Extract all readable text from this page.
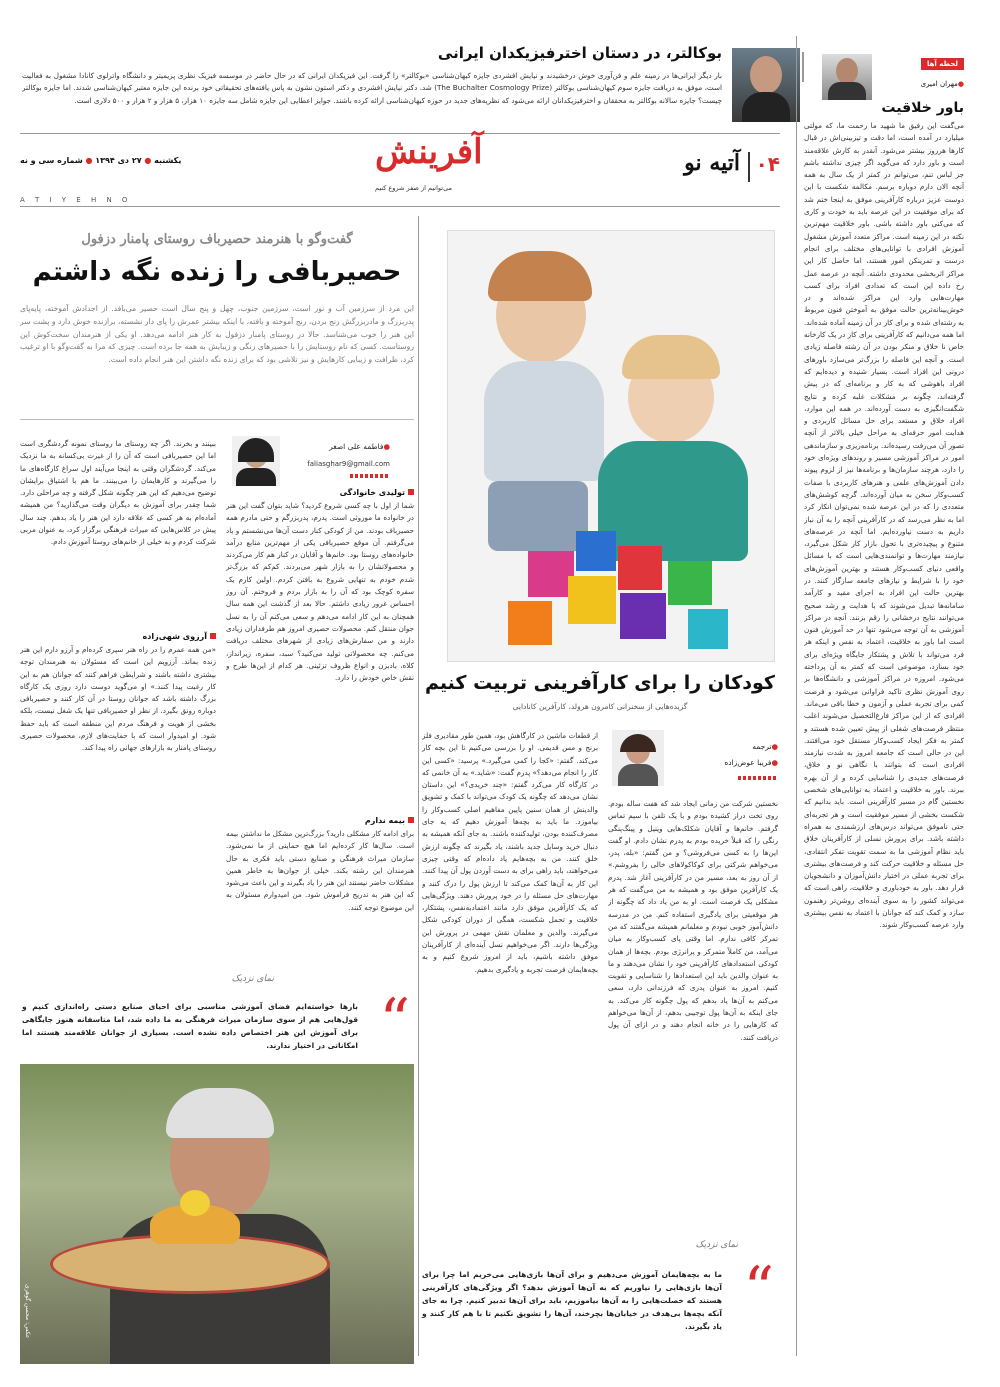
بوکالتر، در دستان اخترفیزیکدان ایرانی
بار دیگر ایرانی‌ها در زمینه علم و فن‌آوری خوش درخشیدند و نیایش افشردی جایزه کیهان‌شناسی «بوکالتر» را گرفت. این فیزیکدان ایرانی که در حال حاضر در موسسه فیزیک نظری پریمیتر و دانشگاه واترلوی کانادا مشغول به فعالیت است، موفق به دریافت جایزه سوم کیهان‌شناسی بوکالتر (The Buchalter Cosmology Prize) شد. دکتر نیایش افشردی و دکتر استون نشون به پاس یافته‌های تحقیقاتی خود برنده این جایزه معتبر کیهان‌شناسی شدند. اما جایزه بوکالتر چیست؟ جایزه سالانه بوکالتر به محققان و اخترفیزیکدانان ارائه می‌شود که نظریه‌های جدید در حوزه کیهان‌شناسی ارائه کرده باشند. جوایز اعطایی این جایزه شامل سه جایزه ۱۰ هزار، ۵ هزار و ۲ هزار و ۵۰۰ دلاری است.
لحظه آها
●مهران امیری
۰۴
آتیه نو
آفرینش
می‌توانیم از صفر شروع کنیم
یکشنبه ● ۲۷ دی ۱۳۹۴ ● شماره سی و نه
A T I Y E H N O
باور خلاقیت
می‌گفت این رفیق ما شهید ما رحمت ما، که مولتی میلیارد در آمده است، اما دقت و تیزبینی‌اش در قبال کارها هرروز بیشتر می‌شود. آنقدر به کارش علاقه‌مند است و باور دارد که می‌گوید اگر چیزی نداشته باشم جز لباس تنم، می‌توانم در کمتر از یک سال به همه آنچه الان دارم دوباره برسم. مکالمه شکست با این دوست عزیز درباره کارآفرینی موفق به اینجا ختم شد که برای موفقیت در این عرصه باید به خودت و کاری که می‌کنی باور داشته باشی. باور خلاقیت مهم‌ترین نکته در این زمینه است. مراکز متعدد آموزش مشغول آموزش افرادی با توانایی‌های مختلف برای انجام درست و تمرینکن امور هستند، اما حاصل کار این مراکز اثربخشی محدودی داشته. آنچه در عرصه عمل رخ داده این است که تعدادی افراد برای کسب مهارت‌هایی وارد این مراکز شده‌اند و در خوش‌بینانه‌ترین حالت موفق به آموختن فنون مربوط به رشته‌ای شده و برای کار در آن زمینه آماده شده‌اند. اما همه می‌دانیم که کارآفرینی برای کار در یک کارخانه خاص نا خلاق و منکر بودن در آن رشته فاصله زیادی است. و آنچه این فاصله را بزرگ‌تر می‌سازد باورهای درونی این افراد است. بسیار شنیده و دیده‌ایم که افراد باهوشی که به کار و برنامه‌ای که در پیش گرفته‌اند، چگونه بر مشکلات غلبه کرده و نتایج شگفت‌انگیزی به دست آورده‌اند. در همه این موارد، افراد خلاق و مستعد برای حل مسائل کاربردی و هدایت امور حرفه‌ای به مراحل خیلی بالاتر از آنچه تصور آن می‌رفت رسیده‌اند. برنامه‌ریزی و سازماندهی امور در مراکز آموزشی مسیر و روندهای ویژه‌ای خود را دارد، هرچند سازمان‌ها و برنامه‌ها نیز از لزوم پیوند دادن آموزش‌های علمی و هنرهای کاربردی با صفات کسب‌وکار سخن به میان آورده‌اند. گرچه کوشش‌های متعددی را که در این عرصه شده نمی‌توان انکار کرد اما به نظر می‌رسد که در کارآفرینی آنچه را به آن نیاز داریم به دست نیاورده‌ایم. اما آنچه در عرصه‌های متنوع و پیچیده‌تری با تحول بازار کار شکل می‌گیرد، نیازمند مهارت‌ها و توانمندی‌هایی است که با مسائل واقعی دنیای کسب‌وکار هستند و بهترین آموزش‌های خود را با شرایط و نیازهای جامعه سازگار کنند. در بهترین حالت این افراد به اجرای مفید و کارآمد سامانه‌ها تبدیل می‌شوند که با هدایت و رشد صحیح می‌توانند نتایج درخشانی را رقم بزنند. آنچه در مراکز آموزشی به آن توجه می‌شود تنها در حد آموزش فنون است اما باور به خلاقیت، اعتماد به نفس و اینکه هر فرد می‌تواند با تلاش و پشتکار جایگاه ویژه‌ای برای خود بسازد، موضوعی است که کمتر به آن پرداخته می‌شود. امروزه در مراکز آموزشی و دانشگاه‌ها بر روی آموزش نظری تاکید فراوانی می‌شود و فرصت کمی برای تجربه عملی و آزمون و خطا باقی می‌ماند. افرادی که از این مراکز فارغ‌التحصیل می‌شوند اغلب منتظر فرصت‌های شغلی از پیش تعیین شده هستند و کمتر به فکر ایجاد کسب‌وکار مستقل خود می‌افتند. این در حالی است که جامعه امروز به شدت نیازمند افرادی است که بتوانند با نگاهی نو و خلاق، فرصت‌های جدیدی را شناسایی کرده و از آن بهره ببرند. باور به خلاقیت و اعتماد به توانایی‌های شخصی نخستین گام در مسیر کارآفرینی است. باید بدانیم که شکست بخشی از مسیر موفقیت است و هر تجربه‌ای حتی ناموفق می‌تواند درس‌های ارزشمندی به همراه داشته باشد. برای پرورش نسلی از کارآفرینان خلاق باید نظام آموزشی ما به سمت تقویت تفکر انتقادی، حل مسئله و خلاقیت حرکت کند و فرصت‌های بیشتری برای تجربه عملی در اختیار دانش‌آموزان و دانشجویان قرار دهد. باور به خودباوری و خلاقیت، راهی است که می‌تواند کشور را به سوی آینده‌ای روشن‌تر رهنمون سازد و کمک کند که جوانان با اعتماد به نفس بیشتری وارد عرصه کسب‌وکار شوند.
کودکان را برای کارآفرینی تربیت کنیم
گزیده‌هایی از سخنرانی کامرون هرولد، کارآفرین کانادایی
●ترجمه
●فریبا عوض‌زاده
نخستین شرکت من زمانی ایجاد شد که هفت ساله بودم. روی تخت دراز کشیده بودم و با یک تلفن با سیم تماس گرفتم. خانم‌ها و آقایان شکلک‌هایی وینیل و پینگ‌پنگی رنگی را که قبلاً خریده بودم به پدرم نشان دادم. او گفت این‌ها را به کسی می‌فروشی؟ و من گفتم: «بله، پدر، می‌خواهم شرکتی برای کوکاکولاهای خالی را بفروشم.» از آن روز به بعد، مسیر من در کارآفرینی آغاز شد. پدرم یک کارآفرین موفق بود و همیشه به من می‌گفت که هر مشکلی یک فرصت است. او به من یاد داد که چگونه از هر موقعیتی برای یادگیری استفاده کنم. من در مدرسه دانش‌آموز خوبی نبودم و معلمانم همیشه می‌گفتند که من تمرکز کافی ندارم. اما وقتی پای کسب‌وکار به میان می‌آمد، من کاملاً متمرکز و پرانرژی بودم. بچه‌ها از همان کودکی استعدادهای کارآفرینی خود را نشان می‌دهند و ما به عنوان والدین باید این استعدادها را شناسایی و تقویت کنیم. امروز به عنوان پدری که فرزندانی دارد، سعی می‌کنم به آن‌ها یاد بدهم که پول چگونه کار می‌کند. به جای اینکه به آن‌ها پول توجیبی بدهم، از آن‌ها می‌خواهم که کارهایی را در خانه انجام دهند و در ازای آن پول دریافت کنند.
از قطعات ماشین در کارگاهش بود، همین طور مقادیری فلز برنج و مس قدیمی. او را بررسی می‌کنیم تا این بچه کار می‌کند. گفتم: «کجا را کمی می‌گیرد.» پرسید: «کسی این کار را انجام می‌دهد؟» پدرم گفت: «شاید.» به آن خانمی که در کارگاه کار می‌کرد گفتم: «چند خریدی؟» این داستان نشان می‌دهد که چگونه یک کودک می‌تواند با کمک و تشویق والدینش از همان سنین پایین مفاهیم اصلی کسب‌وکار را بیاموزد. ما باید به بچه‌ها آموزش دهیم که به جای مصرف‌کننده بودن، تولیدکننده باشند. به جای آنکه همیشه به دنبال خرید وسایل جدید باشند، یاد بگیرند که چگونه ارزش خلق کنند. من به بچه‌هایم یاد داده‌ام که وقتی چیزی می‌خواهند، باید راهی برای به دست آوردن پول آن پیدا کنند. این کار به آن‌ها کمک می‌کند تا ارزش پول را درک کنند و مهارت‌های حل مسئله را در خود پرورش دهند. ویژگی‌هایی که یک کارآفرین موفق دارد مانند اعتمادبه‌نفس، پشتکار، خلاقیت و تحمل شکست، همگی از دوران کودکی شکل می‌گیرند. والدین و معلمان نقش مهمی در پرورش این ویژگی‌ها دارند. اگر می‌خواهیم نسل آینده‌ای از کارآفرینان موفق داشته باشیم، باید از امروز شروع کنیم و به بچه‌هایمان فرصت تجربه و یادگیری بدهیم.
نمای نزدیک
“
ما به بچه‌هایمان آموزش می‌دهیم و برای آن‌ها بازی‌هایی می‌خریم اما چرا برای آن‌ها بازی‌هایی را نیاوریم که به آن‌ها آموزش بدهد؟ اگر ویژگی‌های کارآفرینی هستند که خصلت‌هایی را به آن‌ها بیاموزیم، باید برای آن‌ها تدبیر کنیم. چرا به جای آنکه بچه‌ها بی‌هدف در خیابان‌ها بچرخند، آن‌ها را تشویق نکنیم تا با هم کار کنند و یاد بگیرند.
گفت‌وگو با هنرمند حصیرباف روستای پامنار دزفول
حصیربافی را زنده نگه داشتم
این مرد از سرزمین آب و نور است، سرزمین جنوب، چهل و پنج سال است حصیر می‌بافد. از اجدادش آموخته، پایه‌پای پدربزرگ و مادربزرگش رنج بردن، رنج آموخته و بافته، با اینکه بیشتر عمرش را پای دار نشسته، برازنده خوش دارد و پشت سر این هنر را خوب می‌شناسد. حالا در روستای پامنار دزفول به کار هنر ادامه می‌دهد. او یکی از هنرمندان سخت‌کوش این روستاست. کسی که نام روستایش را با حصیرهای رنگی و زیبایش به همه جا برده است. چیزی که مرا به گفت‌وگو با او ترغیب کرد، ظرافت و زیبایی کارهایش و نیز تلاشی بود که برای زنده نگه داشتن این هنر انجام داده است.
●فاطمه علی اصغر
faliasghar9@gmail.com
تولیدی خانوادگی
شما از اول با چه کسی شروع کردید؟ شاید بتوان گفت این هنر در خانواده ما موروثی است. پدرم، پدربزرگم و حتی مادرم همه حصیرباف بودند. من از کودکی کنار دست آن‌ها می‌نشستم و یاد می‌گرفتم. آن موقع حصیربافی یکی از مهم‌ترین منابع درآمد خانواده‌های روستا بود. خانم‌ها و آقایان در کنار هم کار می‌کردند و محصولاتشان را به بازار شهر می‌بردند. کم‌کم که بزرگ‌تر شدم خودم به تنهایی شروع به بافتن کردم. اولین کارم یک سفره کوچک بود که آن را به بازار بردم و فروختم. آن روز احساس غرور زیادی داشتم. حالا بعد از گذشت این همه سال همچنان به این کار ادامه می‌دهم و سعی می‌کنم آن را به نسل جوان منتقل کنم. محصولات حصیری امروز هم طرفداران زیادی دارند و من سفارش‌های زیادی از شهرهای مختلف دریافت می‌کنم. چه محصولاتی تولید می‌کنید؟ سبد، سفره، زیرانداز، کلاه، بادبزن و انواع ظروف تزئینی. هر کدام از این‌ها طرح و نقش خاص خودش را دارد.
بیمه ندارم
برای ادامه کار مشکلی دارید؟ بزرگ‌ترین مشکل ما نداشتن بیمه است. سال‌ها کار کرده‌ایم اما هیچ حمایتی از ما نمی‌شود. سازمان میراث فرهنگی و صنایع دستی باید فکری به حال هنرمندان این رشته بکند. خیلی از جوان‌ها به خاطر همین مشکلات حاضر نیستند این هنر را یاد بگیرند و این باعث می‌شود که این هنر به تدریج فراموش شود. من امیدوارم مسئولان به این موضوع توجه کنند.
ببینند و بخرند. اگر چه روستای ما روستای نمونه گردشگری است اما این حصیربافی است که آن را از غیرت بی‌کسانه به ما نزدیک می‌کند. گردشگران وقتی به اینجا می‌آیند اول سراغ کارگاه‌های ما را می‌گیرند و کارهایمان را می‌بینند. ما هم با اشتیاق برایشان توضیح می‌دهیم که این هنر چگونه شکل گرفته و چه مراحلی دارد. شما چقدر برای آموزش به دیگران وقت می‌گذارید؟ من همیشه آماده‌ام به هر کسی که علاقه دارد این هنر را یاد بدهم. چند سال پیش در کلاس‌هایی که میراث فرهنگی برگزار کرد، به عنوان مربی شرکت کردم و به خیلی از خانم‌های روستا آموزش دادم.
آرزوی شهی‌زاده
«من همه عمرم را در راه هنر سپری کرده‌ام و آرزو دارم این هنر زنده بماند. آرزویم این است که مسئولان به هنرمندان توجه بیشتری داشته باشند و شرایطی فراهم کنند که جوانان هم به این کار رغبت پیدا کنند.» او می‌گوید دوست دارد روزی یک کارگاه بزرگ داشته باشد که جوانان روستا در آن کار کنند و حصیربافی دوباره رونق بگیرد. از نظر او حصیربافی تنها یک شغل نیست، بلکه بخشی از هویت و فرهنگ مردم این منطقه است که باید حفظ شود. او امیدوار است که با حمایت‌های لازم، محصولات حصیری روستای پامنار به بازارهای جهانی راه پیدا کند.
نمای نزدیک
“
بارها خواسته‌ایم فضای آموزشی مناسبی برای احیای صنایع دستی راه‌اندازی کنیم و قول‌هایی هم از سوی سازمان میراث فرهنگی به ما داده شد، اما متاسفانه هنوز جایگاهی برای آموزش این هنر اختصاص داده نشده است. بسیاری از جوانان علاقه‌مند هستند اما امکاناتی در اختیار ندارند.
عکس: محسن گوهری
